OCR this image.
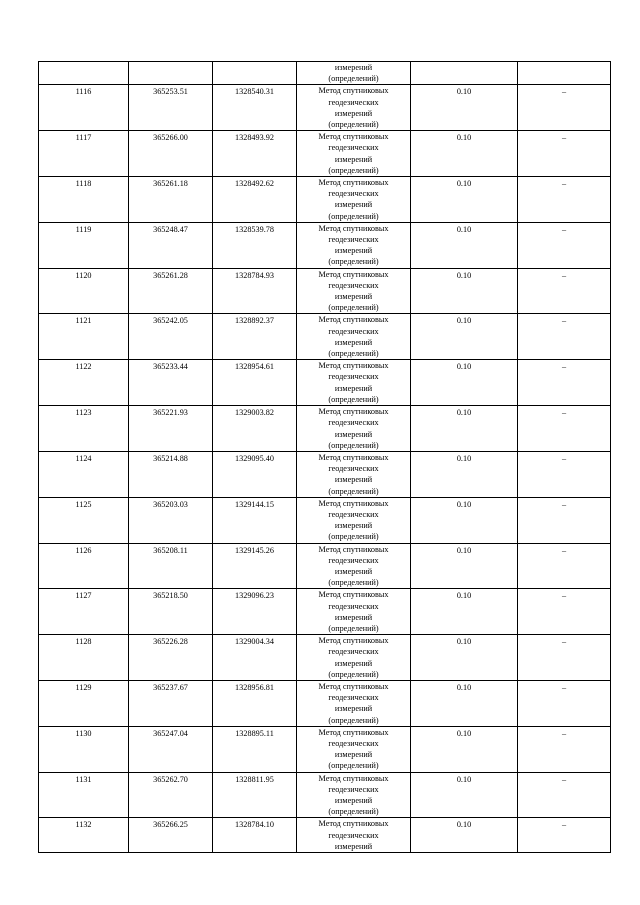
			измерений
(определений)		

1116	365253.51	1328540.31	Метод спутниковых
геодезических
измерений
(определений)	0.10	–
1117	365266.00	1328493.92	Метод спутниковых
геодезических
измерений
(определений)	0.10	–
1118	365261.18	1328492.62	Метод спутниковых
геодезических
измерений
(определений)	0.10	–
1119	365248.47	1328539.78	Метод спутниковых
геодезических
измерений
(определений)	0.10	–
1120	365261.28	1328784.93	Метод спутниковых
геодезических
измерений
(определений)	0.10	–
1121	365242.05	1328892.37	Метод спутниковых
геодезических
измерений
(определений)	0.10	–
1122	365233.44	1328954.61	Метод спутниковых
геодезических
измерений
(определений)	0.10	–
1123	365221.93	1329003.82	Метод спутниковых
геодезических
измерений
(определений)	0.10	–
1124	365214.88	1329095.40	Метод спутниковых
геодезических
измерений
(определений)	0.10	–
1125	365203.03	1329144.15	Метод спутниковых
геодезических
измерений
(определений)	0.10	–
1126	365208.11	1329145.26	Метод спутниковых
геодезических
измерений
(определений)	0.10	–
1127	365218.50	1329096.23	Метод спутниковых
геодезических
измерений
(определений)	0.10	–
1128	365226.28	1329004.34	Метод спутниковых
геодезических
измерений
(определений)	0.10	–
1129	365237.67	1328956.81	Метод спутниковых
геодезических
измерений
(определений)	0.10	–
1130	365247.04	1328895.11	Метод спутниковых
геодезических
измерений
(определений)	0.10	–
1131	365262.70	1328811.95	Метод спутниковых
геодезических
измерений
(определений)	0.10	–
1132	365266.25	1328784.10	Метод спутниковых
геодезических
измерений	0.10	–
